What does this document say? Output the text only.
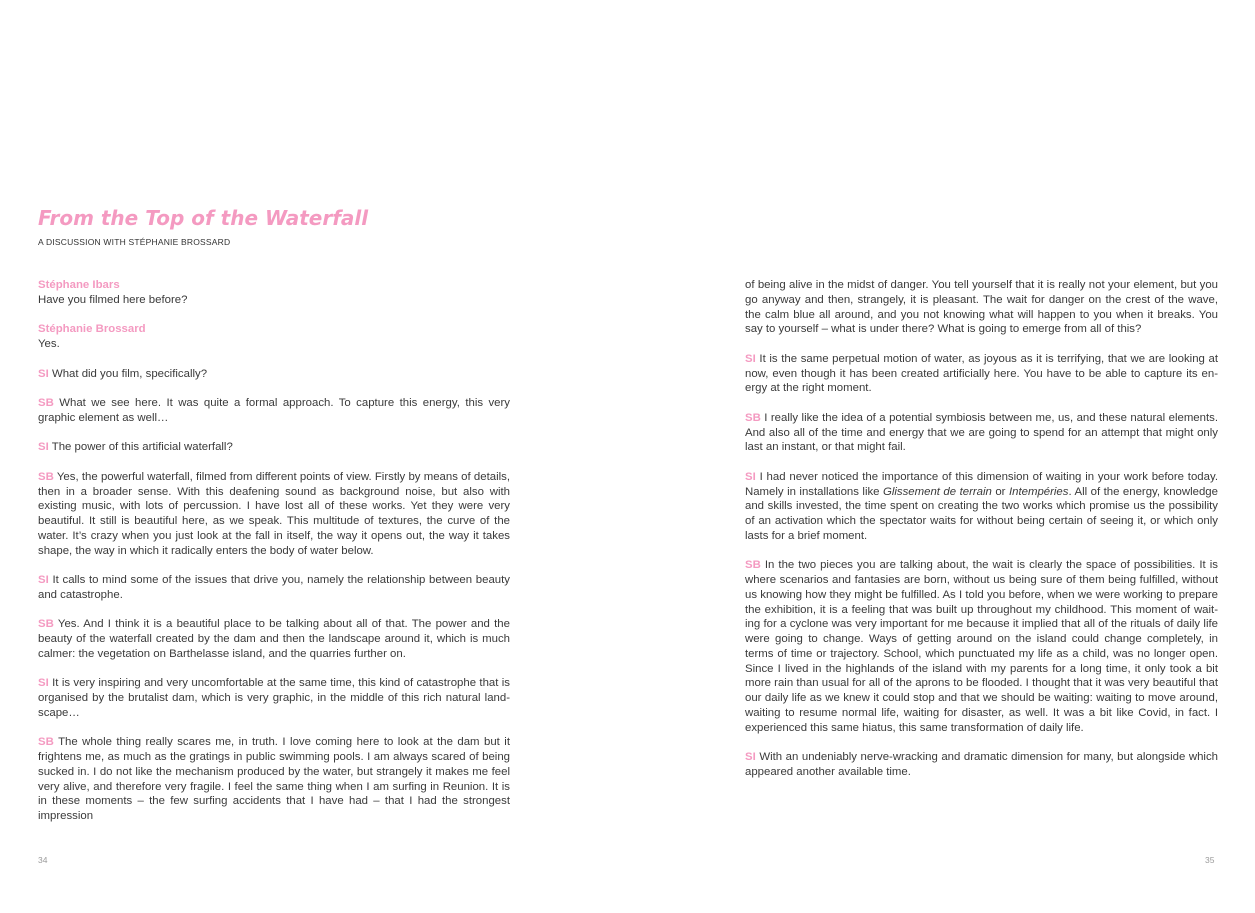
From the Top of the Waterfall
A DISCUSSION WITH STÉPHANIE BROSSARD

Stéphane Ibars
Have you filmed here before?

Stéphanie Brossard
Yes.

SI What did you film, specifically?

SB What we see here. It was quite a formal approach. To capture this energy, this very graphic element as well…

SI The power of this artificial waterfall?

SB Yes, the powerful waterfall, filmed from different points of view. Firstly by means of details, then in a broader sense. With this deafening sound as background noise, but also with existing music, with lots of percussion. I have lost all of these works. Yet they were very beautiful. It still is beautiful here, as we speak. This multitude of textures, the curve of the water. It’s crazy when you just look at the fall in itself, the way it opens out, the way it takes shape, the way in which it radically enters the body of water below.

SI It calls to mind some of the issues that drive you, namely the relationship between beauty and catastrophe.

SB Yes. And I think it is a beautiful place to be talking about all of that. The power and the beauty of the waterfall created by the dam and then the landscape around it, which is much calmer: the vegetation on Barthelasse island, and the quarries further on.

SI It is very inspiring and very uncomfortable at the same time, this kind of catastrophe that is organised by the brutalist dam, which is very graphic, in the middle of this rich natural land-scape…

SB The whole thing really scares me, in truth. I love coming here to look at the dam but it frightens me, as much as the gratings in public swimming pools. I am always scared of being sucked in. I do not like the mechanism produced by the water, but strangely it makes me feel very alive, and therefore very fragile. I feel the same thing when I am surfing in Reunion. It is in these moments – the few surfing accidents that I have had – that I had the strongest impression

34

of being alive in the midst of danger. You tell yourself that it is really not your element, but you go anyway and then, strangely, it is pleasant. The wait for danger on the crest of the wave, the calm blue all around, and you not knowing what will happen to you when it breaks. You say to yourself – what is under there? What is going to emerge from all of this?

SI It is the same perpetual motion of water, as joyous as it is terrifying, that we are looking at now, even though it has been created artificially here. You have to be able to capture its en-ergy at the right moment.

SB I really like the idea of a potential symbiosis between me, us, and these natural elements. And also all of the time and energy that we are going to spend for an attempt that might only last an instant, or that might fail.

SI I had never noticed the importance of this dimension of waiting in your work before today. Namely in installations like Glissement de terrain or Intempéries. All of the energy, knowledge and skills invested, the time spent on creating the two works which promise us the possibility of an activation which the spectator waits for without being certain of seeing it, or which only lasts for a brief moment.

SB In the two pieces you are talking about, the wait is clearly the space of possibilities. It is where scenarios and fantasies are born, without us being sure of them being fulfilled, without us knowing how they might be fulfilled. As I told you before, when we were working to prepare the exhibition, it is a feeling that was built up throughout my childhood. This moment of wait-ing for a cyclone was very important for me because it implied that all of the rituals of daily life were going to change. Ways of getting around on the island could change completely, in terms of time or trajectory. School, which punctuated my life as a child, was no longer open. Since I lived in the highlands of the island with my parents for a long time, it only took a bit more rain than usual for all of the aprons to be flooded. I thought that it was very beautiful that our daily life as we knew it could stop and that we should be waiting: waiting to move around, waiting to resume normal life, waiting for disaster, as well. It was a bit like Covid, in fact. I experienced this same hiatus, this same transformation of daily life.

SI With an undeniably nerve-wracking and dramatic dimension for many, but alongside which appeared another available time.

35
